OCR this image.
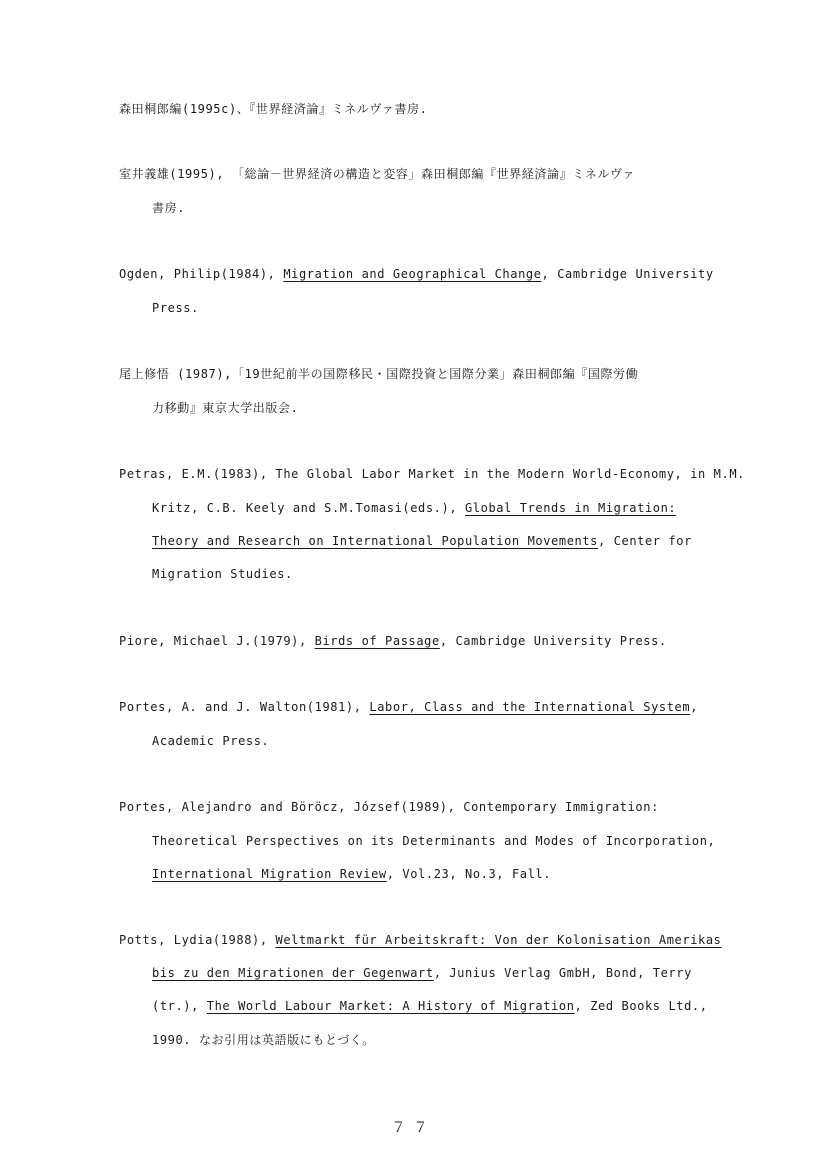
森田桐郎編(1995c)、『世界経済論』ミネルヴァ書房.
室井義雄(1995), 「総論－世界経済の構造と変容」森田桐郎編『世界経済論』ミネルヴァ
書房.
Ogden, Philip(1984), Migration and Geographical Change, Cambridge University
Press.
尾上修悟 (1987),「19世紀前半の国際移民・国際投資と国際分業」森田桐郎編『国際労働
力移動』東京大学出版会.
Petras, E.M.(1983), The Global Labor Market in the Modern World-Economy, in M.M.
Kritz, C.B. Keely and S.M.Tomasi(eds.), Global Trends in Migration:
Theory and Research on International Population Movements, Center for
Migration Studies.
Piore, Michael J.(1979), Birds of Passage, Cambridge University Press.
Portes, A. and J. Walton(1981), Labor, Class and the International System,
Academic Press.
Portes, Alejandro and Böröcz, József(1989), Contemporary Immigration:
Theoretical Perspectives on its Determinants and Modes of Incorporation,
International Migration Review, Vol.23, No.3, Fall.
Potts, Lydia(1988), Weltmarkt für Arbeitskraft: Von der Kolonisation Amerikas
bis zu den Migrationen der Gegenwart, Junius Verlag GmbH, Bond, Terry
(tr.), The World Labour Market: A History of Migration, Zed Books Ltd.,
1990. なお引用は英語版にもとづく。
７７
